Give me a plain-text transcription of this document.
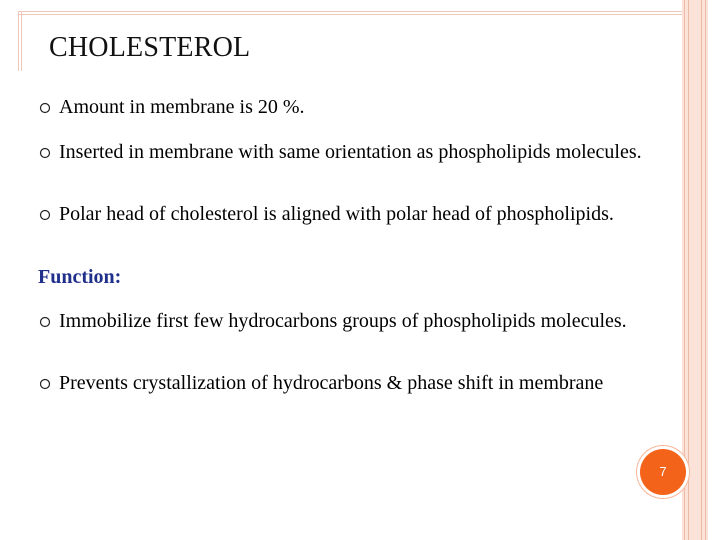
CHOLESTEROL
Amount in membrane is 20 %.
Inserted in membrane with same orientation as phospholipids molecules.
Polar head of cholesterol is aligned with polar head of phospholipids.
Function:
Immobilize first few hydrocarbons groups of phospholipids molecules.
Prevents crystallization of hydrocarbons & phase shift in membrane
7
